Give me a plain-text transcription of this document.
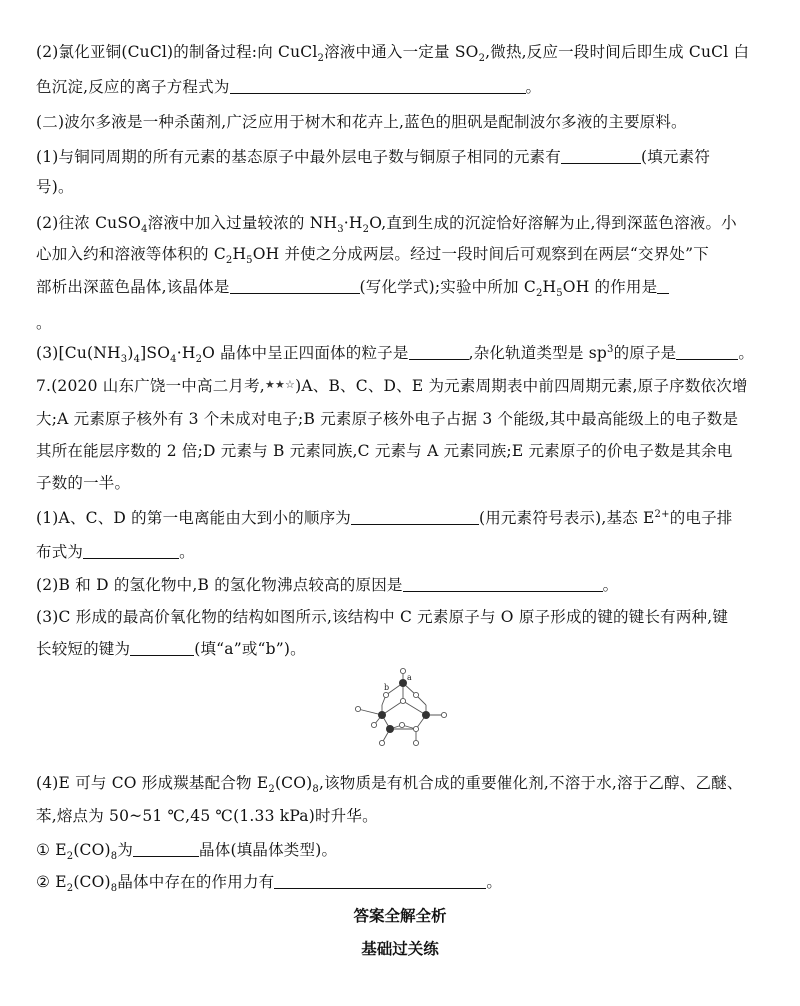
(2)氯化亚铜(CuCl)的制备过程:向 CuCl$_2$溶液中通入一定量 $SO_2$,微热,反应一段时间后即生成 CuCl 白
色沉淀,反应的离子方程式为	。
(二)波尔多液是一种杀菌剂,广泛应用于树木和花卉上,蓝色的胆矾是配制波尔多液的主要原料。
(1)与铜同周期的所有元素的基态原子中最外层电子数与铜原子相同的元素有	(填元素符
号)。
(2)往浓 CuSO$_4$溶液中加入过量较浓的 $NH_3\cdot H_2O$,直到生成的沉淀恰好溶解为止,得到深蓝色溶液。小
心加入约和溶液等体积的 $C_2H_5OH$ 并使之分成两层。经过一段时间后可观察到在两层“交界处”下
部析出深蓝色晶体,该晶体是	(写化学式);实验中所加 $C_2H_5OH$ 的作用是
。
$(3)[Cu(NH_3)_4]SO_4\cdot H_2O$ 晶体中呈正四面体的粒子是	,杂化轨道类型是 $sp^3$的原子是	。
7.(2020 山东广饶一中高二月考,★★☆)A、B、C、D、E 为元素周期表中前四周期元素,原子序数依次增
大;A 元素原子核外有 3 个未成对电子;B 元素原子核外电子占据 3 个能级,其中最高能级上的电子数是
其所在能层序数的 2 倍;D 元素与 B 元素同族,C 元素与 A 元素同族;E 元素原子的价电子数是其余电
子数的一半。
(1)A、C、D 的第一电离能由大到小的顺序为	(用元素符号表示),基态 $E^{2+}$的电子排
布式为	。
(2)B 和 D 的氢化物中,B 的氢化物沸点较高的原因是	。
(3)C 形成的最高价氧化物的结构如图所示,该结构中 C 元素原子与 O 原子形成的键的键长有两种,键
长较短的键为	(填“a”或“b”)。
a
b
(4)E 可与 CO 形成羰基配合物 $E_2(CO)_8$,该物质是有机合成的重要催化剂,不溶于水,溶于乙醇、乙醚、
苯,熔点为 50~51 ℃,45 ℃(1.33 kPa)时升华。
① $E_2(CO)_8$为	晶体(填晶体类型)。
② $E_2(CO)_8$晶体中存在的作用力有	。
答案全解全析
基础过关练
